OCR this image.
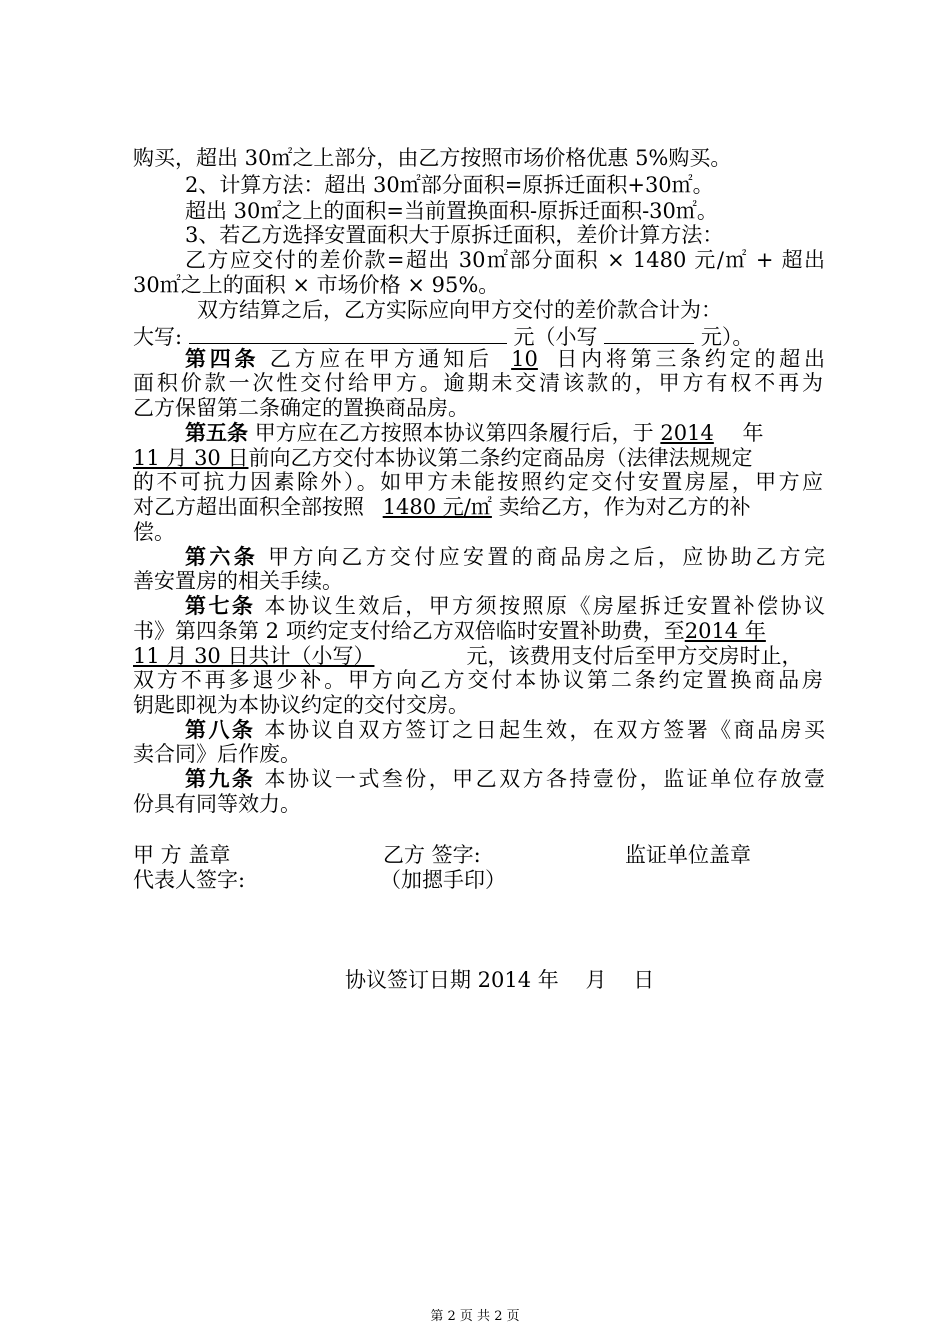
购买，超出 30㎡之上部分，由乙方按照市场价格优惠 5%购买。
2、计算方法：超出 30㎡部分面积=原拆迁面积+30㎡。
超出 30㎡之上的面积=当前置换面积-原拆迁面积-30㎡。
3、若乙方选择安置面积大于原拆迁面积，差价计算方法：
乙方应交付的差价款=超出 30㎡部分面积 × 1480 元/㎡ + 超出
30㎡之上的面积 × 市场价格 × 95%。
双方结算之后，乙方实际应向甲方交付的差价款合计为：
大写:	元（小写	元）。
第四条 乙方应在甲方通知后 10 日内将第三条约定的超出
面积价款一次性交付给甲方。逾期未交清该款的，甲方有权不再为
乙方保留第二条确定的置换商品房。
第五条 甲方应在乙方按照本协议第四条履行后，于 2014 年
11 月 30 日前向乙方交付本协议第二条约定商品房（法律法规规定
的不可抗力因素除外）。如甲方未能按照约定交付安置房屋，甲方应
对乙方超出面积全部按照 1480 元/㎡ 卖给乙方，作为对乙方的补
偿。
第六条 甲方向乙方交付应安置的商品房之后，应协助乙方完
善安置房的相关手续。
第七条 本协议生效后，甲方须按照原《房屋拆迁安置补偿协议
书》第四条第 2 项约定支付给乙方双倍临时安置补助费，至2014 年
11 月 30 日共计（小写）	元，该费用支付后至甲方交房时止，
双方不再多退少补。甲方向乙方交付本协议第二条约定置换商品房
钥匙即视为本协议约定的交付交房。
第八条 本协议自双方签订之日起生效，在双方签署《商品房买
卖合同》后作废。
第九条 本协议一式叁份，甲乙双方各持壹份，监证单位存放壹
份具有同等效力。
甲 方 盖章	乙方 签字:	监证单位盖章
代表人签字:	（加摁手印）
协议签订日期 2014 年    月    日
第 2 页 共 2 页
